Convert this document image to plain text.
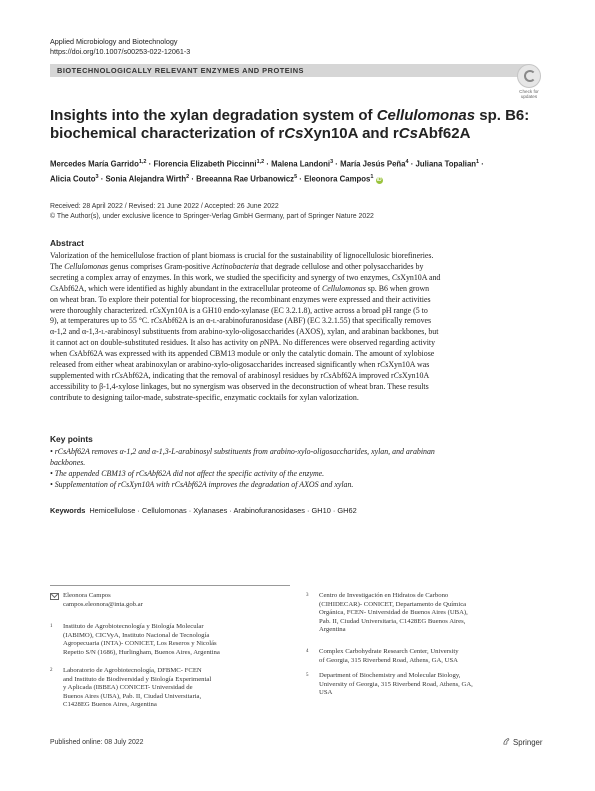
Applied Microbiology and Biotechnology
https://doi.org/10.1007/s00253-022-12061-3
BIOTECHNOLOGICALLY RELEVANT ENZYMES AND PROTEINS
Check for
updates
Insights into the xylan degradation system of Cellulomonas sp. B6:
biochemical characterization of rCsXyn10A and rCsAbf62A
Mercedes María Garrido$^{1,2}$ · Florencia Elizabeth Piccinni$^{1,2}$ · Malena Landoni$^3$ · María Jesús Peña$^4$ · Juliana Topalian$^1$ ·
Alicia Couto$^3$ · Sonia Alejandra Wirth$^2$ · Breeanna Rae Urbanowicz$^5$ · Eleonora Campos$^1$ iD
Received: 28 April 2022 / Revised: 21 June 2022 / Accepted: 26 June 2022
© The Author(s), under exclusive licence to Springer-Verlag GmbH Germany, part of Springer Nature 2022
Abstract
Valorization of the hemicellulose fraction of plant biomass is crucial for the sustainability of lignocellulosic biorefineries.
The Cellulomonas genus comprises Gram-positive Actinobacteria that degrade cellulose and other polysaccharides by
secreting a complex array of enzymes. In this work, we studied the specificity and synergy of two enzymes, CsXyn10A and
CsAbf62A, which were identified as highly abundant in the extracellular proteome of Cellulomonas sp. B6 when grown
on wheat bran. To explore their potential for bioprocessing, the recombinant enzymes were expressed and their activities
were thoroughly characterized. rCsXyn10A is a GH10 endo-xylanase (EC 3.2.1.8), active across a broad pH range (5 to
9), at temperatures up to 55 °C. rCsAbf62A is an α-l-arabinofuranosidase (ABF) (EC 3.2.1.55) that specifically removes
α-1,2 and α-1,3-l-arabinosyl substituents from arabino-xylo-oligosaccharides (AXOS), xylan, and arabinan backbones, but
it cannot act on double-substituted residues. It also has activity on pNPA. No differences were observed regarding activity
when CsAbf62A was expressed with its appended CBM13 module or only the catalytic domain. The amount of xylobiose
released from either wheat arabinoxylan or arabino-xylo-oligosaccharides increased significantly when rCsXyn10A was
supplemented with rCsAbf62A, indicating that the removal of arabinosyl residues by rCsAbf62A improved rCsXyn10A
accessibility to β-1,4-xylose linkages, but no synergism was observed in the deconstruction of wheat bran. These results
contribute to designing tailor-made, substrate-specific, enzymatic cocktails for xylan valorization.
Key points
• rCsAbf62A removes α-1,2 and α-1,3-L-arabinosyl substituents from arabino-xylo-oligosaccharides, xylan, and arabinan
backbones.
• The appended CBM13 of rCsAbf62A did not affect the specific activity of the enzyme.
• Supplementation of rCsXyn10A with rCsAbf62A improves the degradation of AXOS and xylan.
Keywords Hemicellulose · Cellulomonas · Xylanases · Arabinofuranosidases · GH10 · GH62
Eleonora Campos
campos.eleonora@inta.gob.ar
1 Instituto de Agrobiotecnología y Biología Molecular
(IABIMO), CICVyA, Instituto Nacional de Tecnología
Agropecuaria (INTA)- CONICET, Los Reseros y Nicolás
Repetto S/N (1686), Hurlingham, Buenos Aires, Argentina
2 Laboratorio de Agrobiotecnología, DFBMC- FCEN
and Instituto de Biodiversidad y Biología Experimental
y Aplicada (IBBEA) CONICET- Universidad de
Buenos Aires (UBA), Pab. II, Ciudad Universitaria,
C1428EG Buenos Aires, Argentina
3 Centro de Investigación en Hidratos de Carbono
(CIHIDECAR)- CONICET, Departamento de Química
Orgánica, FCEN- Universidad de Buenos Aires (UBA),
Pab. II, Ciudad Universitaria, C1428EG Buenos Aires,
Argentina
4 Complex Carbohydrate Research Center, University
of Georgia, 315 Riverbend Road, Athens, GA, USA
5 Department of Biochemistry and Molecular Biology,
University of Georgia, 315 Riverbend Road, Athens, GA,
USA
Published online: 08 July 2022	Springer
